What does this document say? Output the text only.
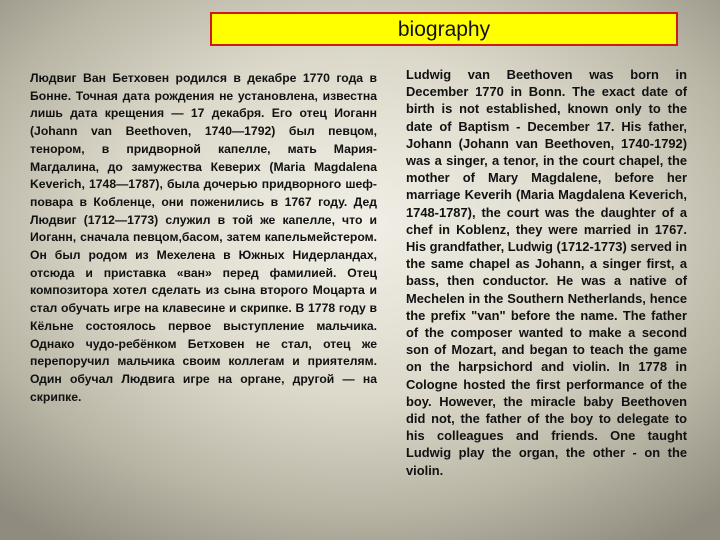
biography

Людвиг Ван Бетховен родился в декабре 1770 года в Бонне. Точная дата рождения не установлена, известна лишь дата крещения — 17 декабря. Его отец Иоганн (Johann van Beethoven, 1740—1792) был певцом, тенором, в придворной капелле, мать Мария-Магдалина, до замужества Кеверих (Maria Magdalena Keverich, 1748—1787), была дочерью придворного шеф-повара в Кобленце, они поженились в 1767 году. Дед Людвиг (1712—1773) служил в той же капелле, что и Иоганн, сначала певцом,басом, затем капельмейстером. Он был родом из Мехелена в Южных Нидерландах, отсюда и приставка «ван» перед фамилией. Отец композитора хотел сделать из сына второго Моцарта и стал обучать игре на клавесине и скрипке. В 1778 году в Кёльне состоялось первое выступление мальчика. Однако чудо-ребёнком Бетховен не стал, отец же перепоручил мальчика своим коллегам и приятелям. Один обучал Людвига игре на органе, другой — на скрипке.

Ludwig van Beethoven was born in December 1770 in Bonn. The exact date of birth is not established, known only to the date of Baptism - December 17. His father, Johann (Johann van Beethoven, 1740-1792) was a singer, a tenor, in the court chapel, the mother of Mary Magdalene, before her marriage Keverih (Maria Magdalena Keverich, 1748-1787), the court was the daughter of a chef in Koblenz, they were married in 1767. His grandfather, Ludwig (1712-1773) served in the same chapel as Johann, a singer first, a bass, then conductor. He was a native of Mechelen in the Southern Netherlands, hence the prefix "van" before the name. The father of the composer wanted to make a second son of Mozart, and began to teach the game on the harpsichord and violin. In 1778 in Cologne hosted the first performance of the boy. However, the miracle baby Beethoven did not, the father of the boy to delegate to his colleagues and friends. One taught Ludwig play the organ, the other - on the violin.
